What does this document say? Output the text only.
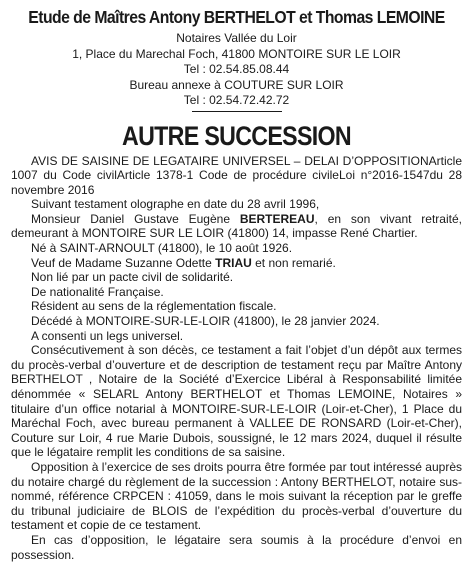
Etude de Maîtres Antony BERTHELOT et Thomas LEMOINE
Notaires Vallée du Loir
1, Place du Marechal Foch, 41800 MONTOIRE SUR LE LOIR
Tel : 02.54.85.08.44
Bureau annexe à COUTURE SUR LOIR
Tel : 02.54.72.42.72
AUTRE SUCCESSION

AVIS DE SAISINE DE LEGATAIRE UNIVERSEL – DELAI D’OPPOSITIONArticle 1007 du Code civilArticle 1378-1 Code de procédure civileLoi n°2016-1547du 28 novembre 2016

Suivant testament olographe en date du 28 avril 1996,

Monsieur Daniel Gustave Eugène BERTEREAU, en son vivant retraité, demeurant à MONTOIRE SUR LE LOIR (41800) 14, impasse René Chartier.

Né à SAINT-ARNOULT (41800), le 10 août 1926.

Veuf de Madame Suzanne Odette TRIAU et non remarié.

Non lié par un pacte civil de solidarité.

De nationalité Française.

Résident au sens de la réglementation fiscale.

Décédé à MONTOIRE-SUR-LE-LOIR (41800), le 28 janvier 2024.

A consenti un legs universel.

Consécutivement à son décès, ce testament a fait l’objet d’un dépôt aux termes du procès-verbal d’ouverture et de description de testament reçu par Maître Antony BERTHELOT , Notaire de la Société d’Exercice Libéral à Responsabilité limitée dénommée « SELARL Antony BERTHELOT et Thomas LEMOINE, Notaires » titulaire d’un office notarial à MONTOIRE-SUR-LE-LOIR (Loir-et-Cher), 1 Place du Maréchal Foch, avec bureau permanent à VALLEE DE RONSARD (Loir-et-Cher), Couture sur Loir, 4 rue Marie Dubois, soussigné, le 12 mars 2024, duquel il résulte que le légataire remplit les conditions de sa saisine.

Opposition à l’exercice de ses droits pourra être formée par tout intéressé auprès du notaire chargé du règlement de la succession : Antony BERTHELOT, notaire sus-nommé, référence CRPCEN : 41059, dans le mois suivant la réception par le greffe du tribunal judiciaire de BLOIS de l’expédition du procès-verbal d’ouverture du testament et copie de ce testament.

En cas d’opposition, le légataire sera soumis à la procédure d’envoi en possession.
